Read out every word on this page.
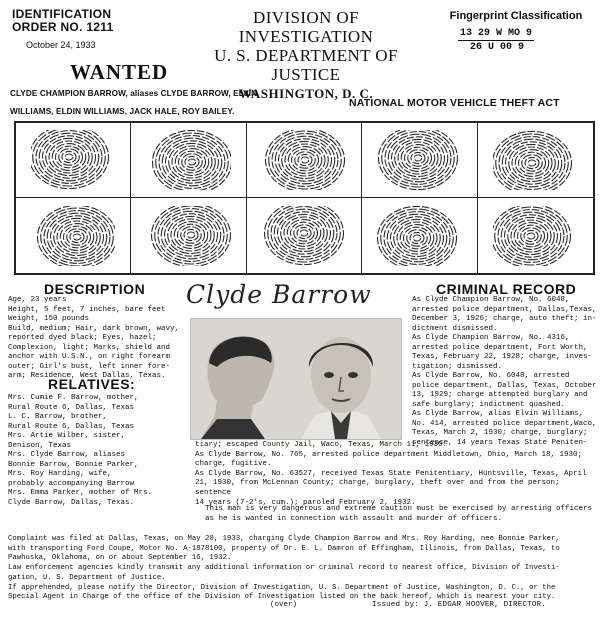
IDENTIFICATION
ORDER NO. 1211
October 24, 1933
DIVISION OF INVESTIGATION
U. S. DEPARTMENT OF JUSTICE
WASHINGTON, D. C.
Fingerprint Classification
$\frac{\text{13 29 W MO 9}}{26 U 00 9}$
WANTED
CLYDE CHAMPION BARROW, aliases CLYDE BARROW, ELVIN
WILLIAMS, ELDIN WILLIAMS, JACK HALE, ROY BAILEY.
NATIONAL MOTOR VEHICLE THEFT ACT
DESCRIPTION
Age, 23 years
Height, 5 feet, 7 inches, bare feet
Weight, 150 pounds
Build, medium; Hair, dark brown, wavy,
reported dyed black; Eyes, hazel;
Complexion, light; Marks, shield and
anchor with U.S.N., on right forearm
outer; Girl's bust, left inner fore-
arm; Residence, West Dallas, Texas.
RELATIVES:
Mrs. Cumie F. Barrow, mother,
Rural Route 6, Dallas, Texas
L. C. Barrow, brother,
Rural Route 6, Dallas, Texas
Mrs. Artie Wilber, sister,
Denison, Texas
Mrs. Clyde Barrow, aliases
Bonnie Barrow, Bonnie Parker,
Mrs. Roy Harding, wife,
probably accompanying Barrow
Mrs. Emma Parker, mother of Mrs.
Clyde Barrow, Dallas, Texas.
Clyde Barrow	CRIMINAL RECORD
As Clyde Champion Barrow, No. 6048,
arrested police department, Dallas,Texas,
December 3, 1926; charge, auto theft; in-
dictment dismissed.
As Clyde Champion Barrow, No. 4316,
arrested police department, Fort Worth,
Texas, February 22, 1928; charge, inves-
tigation; dismissed.
As Clyde Barrow, No. 6048, arrested
police department, Dallas, Texas, October
13, 1929; charge attempted burglary and
safe burglary; indictment quashed.
As Clyde Barrow, alias Elvin Williams,
No. 414, arrested police department,Waco,
Texas, March 2, 1930; charge, burglary;
sentence, 14 years Texas State Peniten-
tiary; escaped County Jail, Waco, Texas, March 11, 1930.
As Clyde Barrow, No. 765, arrested police department Middletown, Ohio, March 18, 1930;
charge, fugitive.
As Clyde Barrow, No. 63527, received Texas State Penitentiary, Huntsville, Texas, April
21, 1930, from McLennan County; charge, burglary, theft over and from the person; sentence
14 years (7-2's, cum.); paroled February 2, 1932.
This man is very dangerous and extreme caution must be exercised by arresting officers
as he is wanted in connection with assault and murder of officers.
Complaint was filed at Dallas, Texas, on May 20, 1933, charging Clyde Champion Barrow and Mrs. Roy Harding, nee Bonnie Parker,
with transporting Ford Coupe, Motor No. A-1878100, property of Dr. E. L. Damron of Effingham, Illinois, from Dallas, Texas, to
Pawhuska, Oklahoma, on or about September 16, 1932.
Law enforcement agencies kindly transmit any additional information or criminal record to nearest office, Division of Investi-
gation, U. S. Department of Justice.
If apprehended, please notify the Director, Division of Investigation, U. S. Department of Justice, Washington, D. C., or the
Special Agent in Charge of the office of the Division of Investigation listed on the back hereof, which is nearest your city.
(over)	Issued by: J. EDGAR HOOVER, DIRECTOR.
